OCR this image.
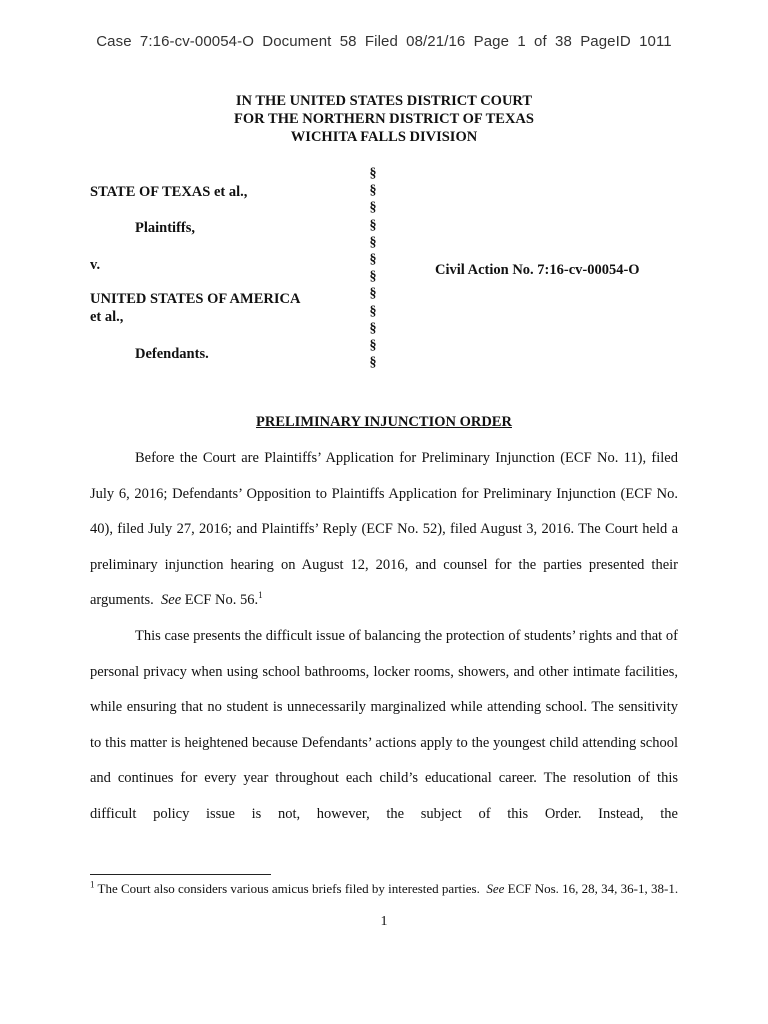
Case 7:16-cv-00054-O Document 58 Filed 08/21/16 Page 1 of 38 PageID 1011
IN THE UNITED STATES DISTRICT COURT
FOR THE NORTHERN DISTRICT OF TEXAS
WICHITA FALLS DIVISION
STATE OF TEXAS et al.,
Plaintiffs,
v.
UNITED STATES OF AMERICA
et al.,
Defendants.
§
§
§
§
§
§
§
§
§
§
§
§
Civil Action No. 7:16-cv-00054-O
PRELIMINARY INJUNCTION ORDER

Before the Court are Plaintiffs’ Application for Preliminary Injunction (ECF No. 11), filed July 6, 2016; Defendants’ Opposition to Plaintiffs Application for Preliminary Injunction (ECF No. 40), filed July 27, 2016; and Plaintiffs’ Reply (ECF No. 52), filed August 3, 2016. The Court held a preliminary injunction hearing on August 12, 2016, and counsel for the parties presented their arguments. See ECF No. 56.$^1$

This case presents the difficult issue of balancing the protection of students’ rights and that of personal privacy when using school bathrooms, locker rooms, showers, and other intimate facilities, while ensuring that no student is unnecessarily marginalized while attending school. The sensitivity to this matter is heightened because Defendants’ actions apply to the youngest child attending school and continues for every year throughout each child’s educational career. The resolution of this difficult policy issue is not, however, the subject of this Order. Instead, the

$^1$ The Court also considers various amicus briefs filed by interested parties. See ECF Nos. 16, 28, 34, 36-1, 38-1.
1
